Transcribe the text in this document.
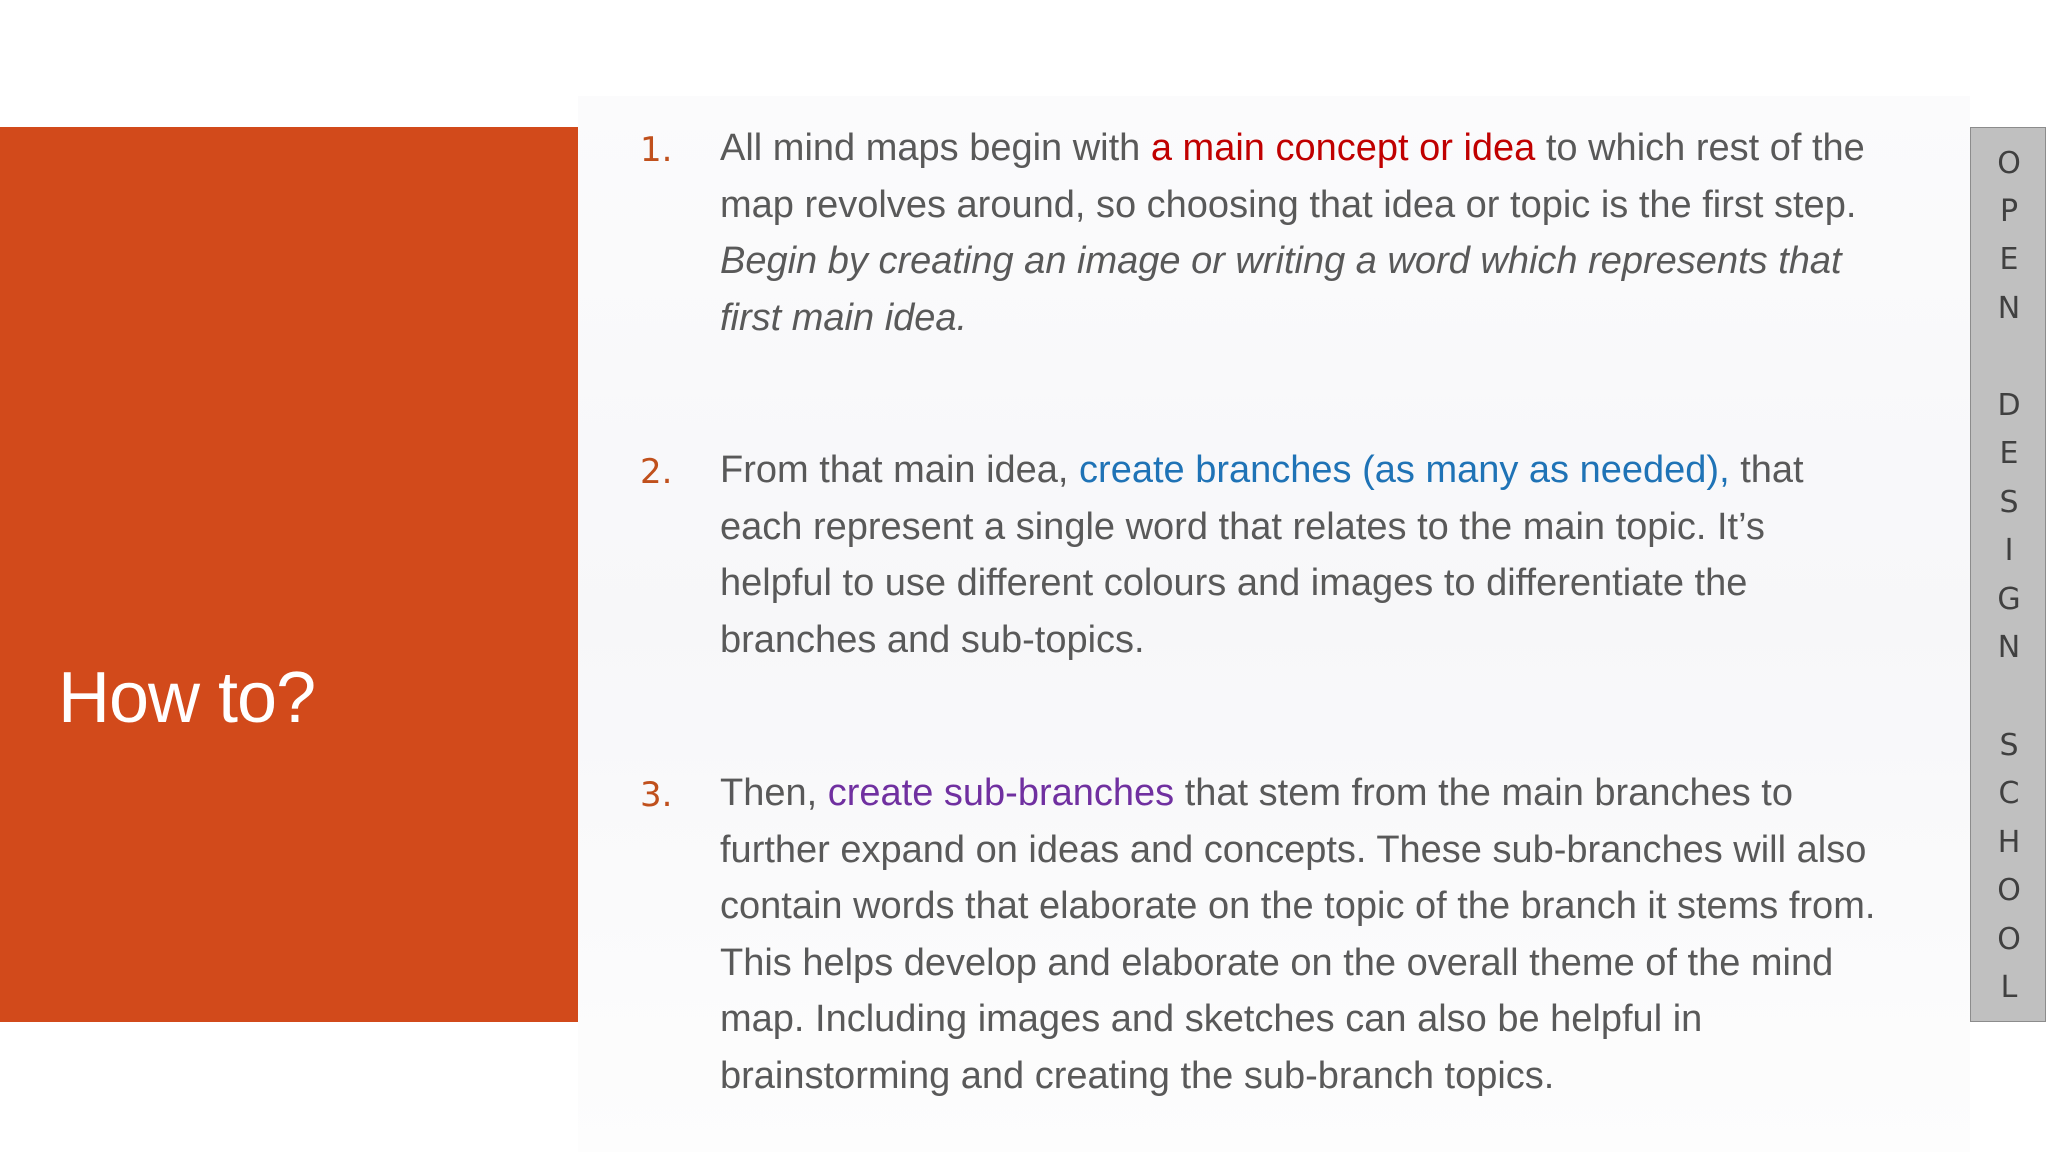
How to?
1. All mind maps begin with a main concept or idea to which rest of the map revolves around, so choosing that idea or topic is the first step. Begin by creating an image or writing a word which represents that first main idea.
2. From that main idea, create branches (as many as needed), that each represent a single word that relates to the main topic. It’s helpful to use different colours and images to differentiate the branches and sub-topics.
3. Then, create sub-branches that stem from the main branches to further expand on ideas and concepts. These sub-branches will also contain words that elaborate on the topic of the branch it stems from. This helps develop and elaborate on the overall theme of the mind map. Including images and sketches can also be helpful in brainstorming and creating the sub-branch topics.
O
P
E
N
D
E
S
I
G
N
S
C
H
O
O
L
